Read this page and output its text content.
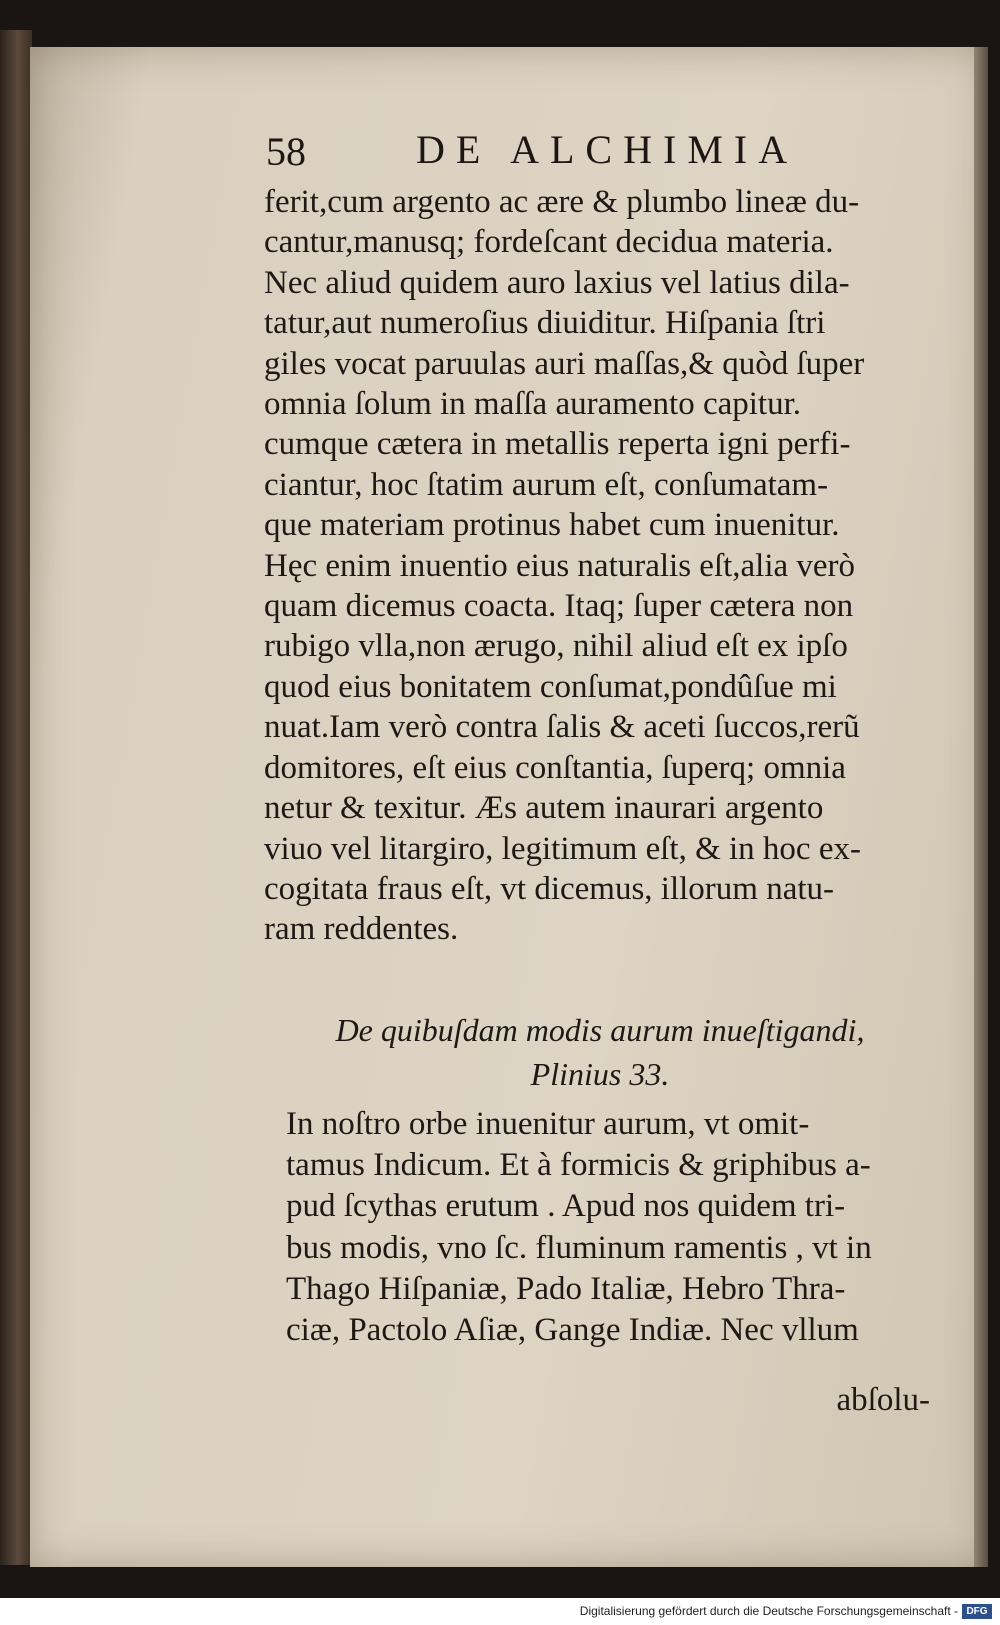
58	DE ALCHIMIA
ferit,cum argento ac ære & plumbo lineæ du-
cantur,manusq; fordeſcant decidua materia.
Nec aliud quidem auro laxius vel latius dila-
tatur,aut numeroſius diuiditur. Hiſpania ſtri
giles vocat paruulas auri maſſas,& quòd ſuper
omnia ſolum in maſſa auramento capitur.
cumque cætera in metallis reperta igni perfi-
ciantur, hoc ſtatim aurum eſt, conſumatam-
que materiam protinus habet cum inuenitur.
Hęc enim inuentio eius naturalis eſt,alia verò
quam dicemus coacta. Itaq; ſuper cætera non
rubigo vlla,non ærugo, nihil aliud eſt ex ipſo
quod eius bonitatem conſumat,pondûſue mi
nuat.Iam verò contra ſalis & aceti ſuccos,rerũ
domitores, eſt eius conſtantia, ſuperq; omnia
netur & texitur. Æs autem inaurari argento
viuo vel litargiro, legitimum eſt, & in hoc ex-
cogitata fraus eſt, vt dicemus, illorum natu-
ram reddentes.
De quibuſdam modis aurum inueſtigandi,
Plinius 33.
In noſtro orbe inuenitur aurum, vt omit-
tamus Indicum. Et à formicis & griphibus a-
pud ſcythas erutum . Apud nos quidem tri-
bus modis, vno ſc. fluminum ramentis , vt in
Thago Hiſpaniæ, Pado Italiæ, Hebro Thra-
ciæ, Pactolo Aſiæ, Gange Indiæ. Nec vllum
abſolu-
Digitalisierung gefördert durch die Deutsche Forschungsgemeinschaft - DFG
